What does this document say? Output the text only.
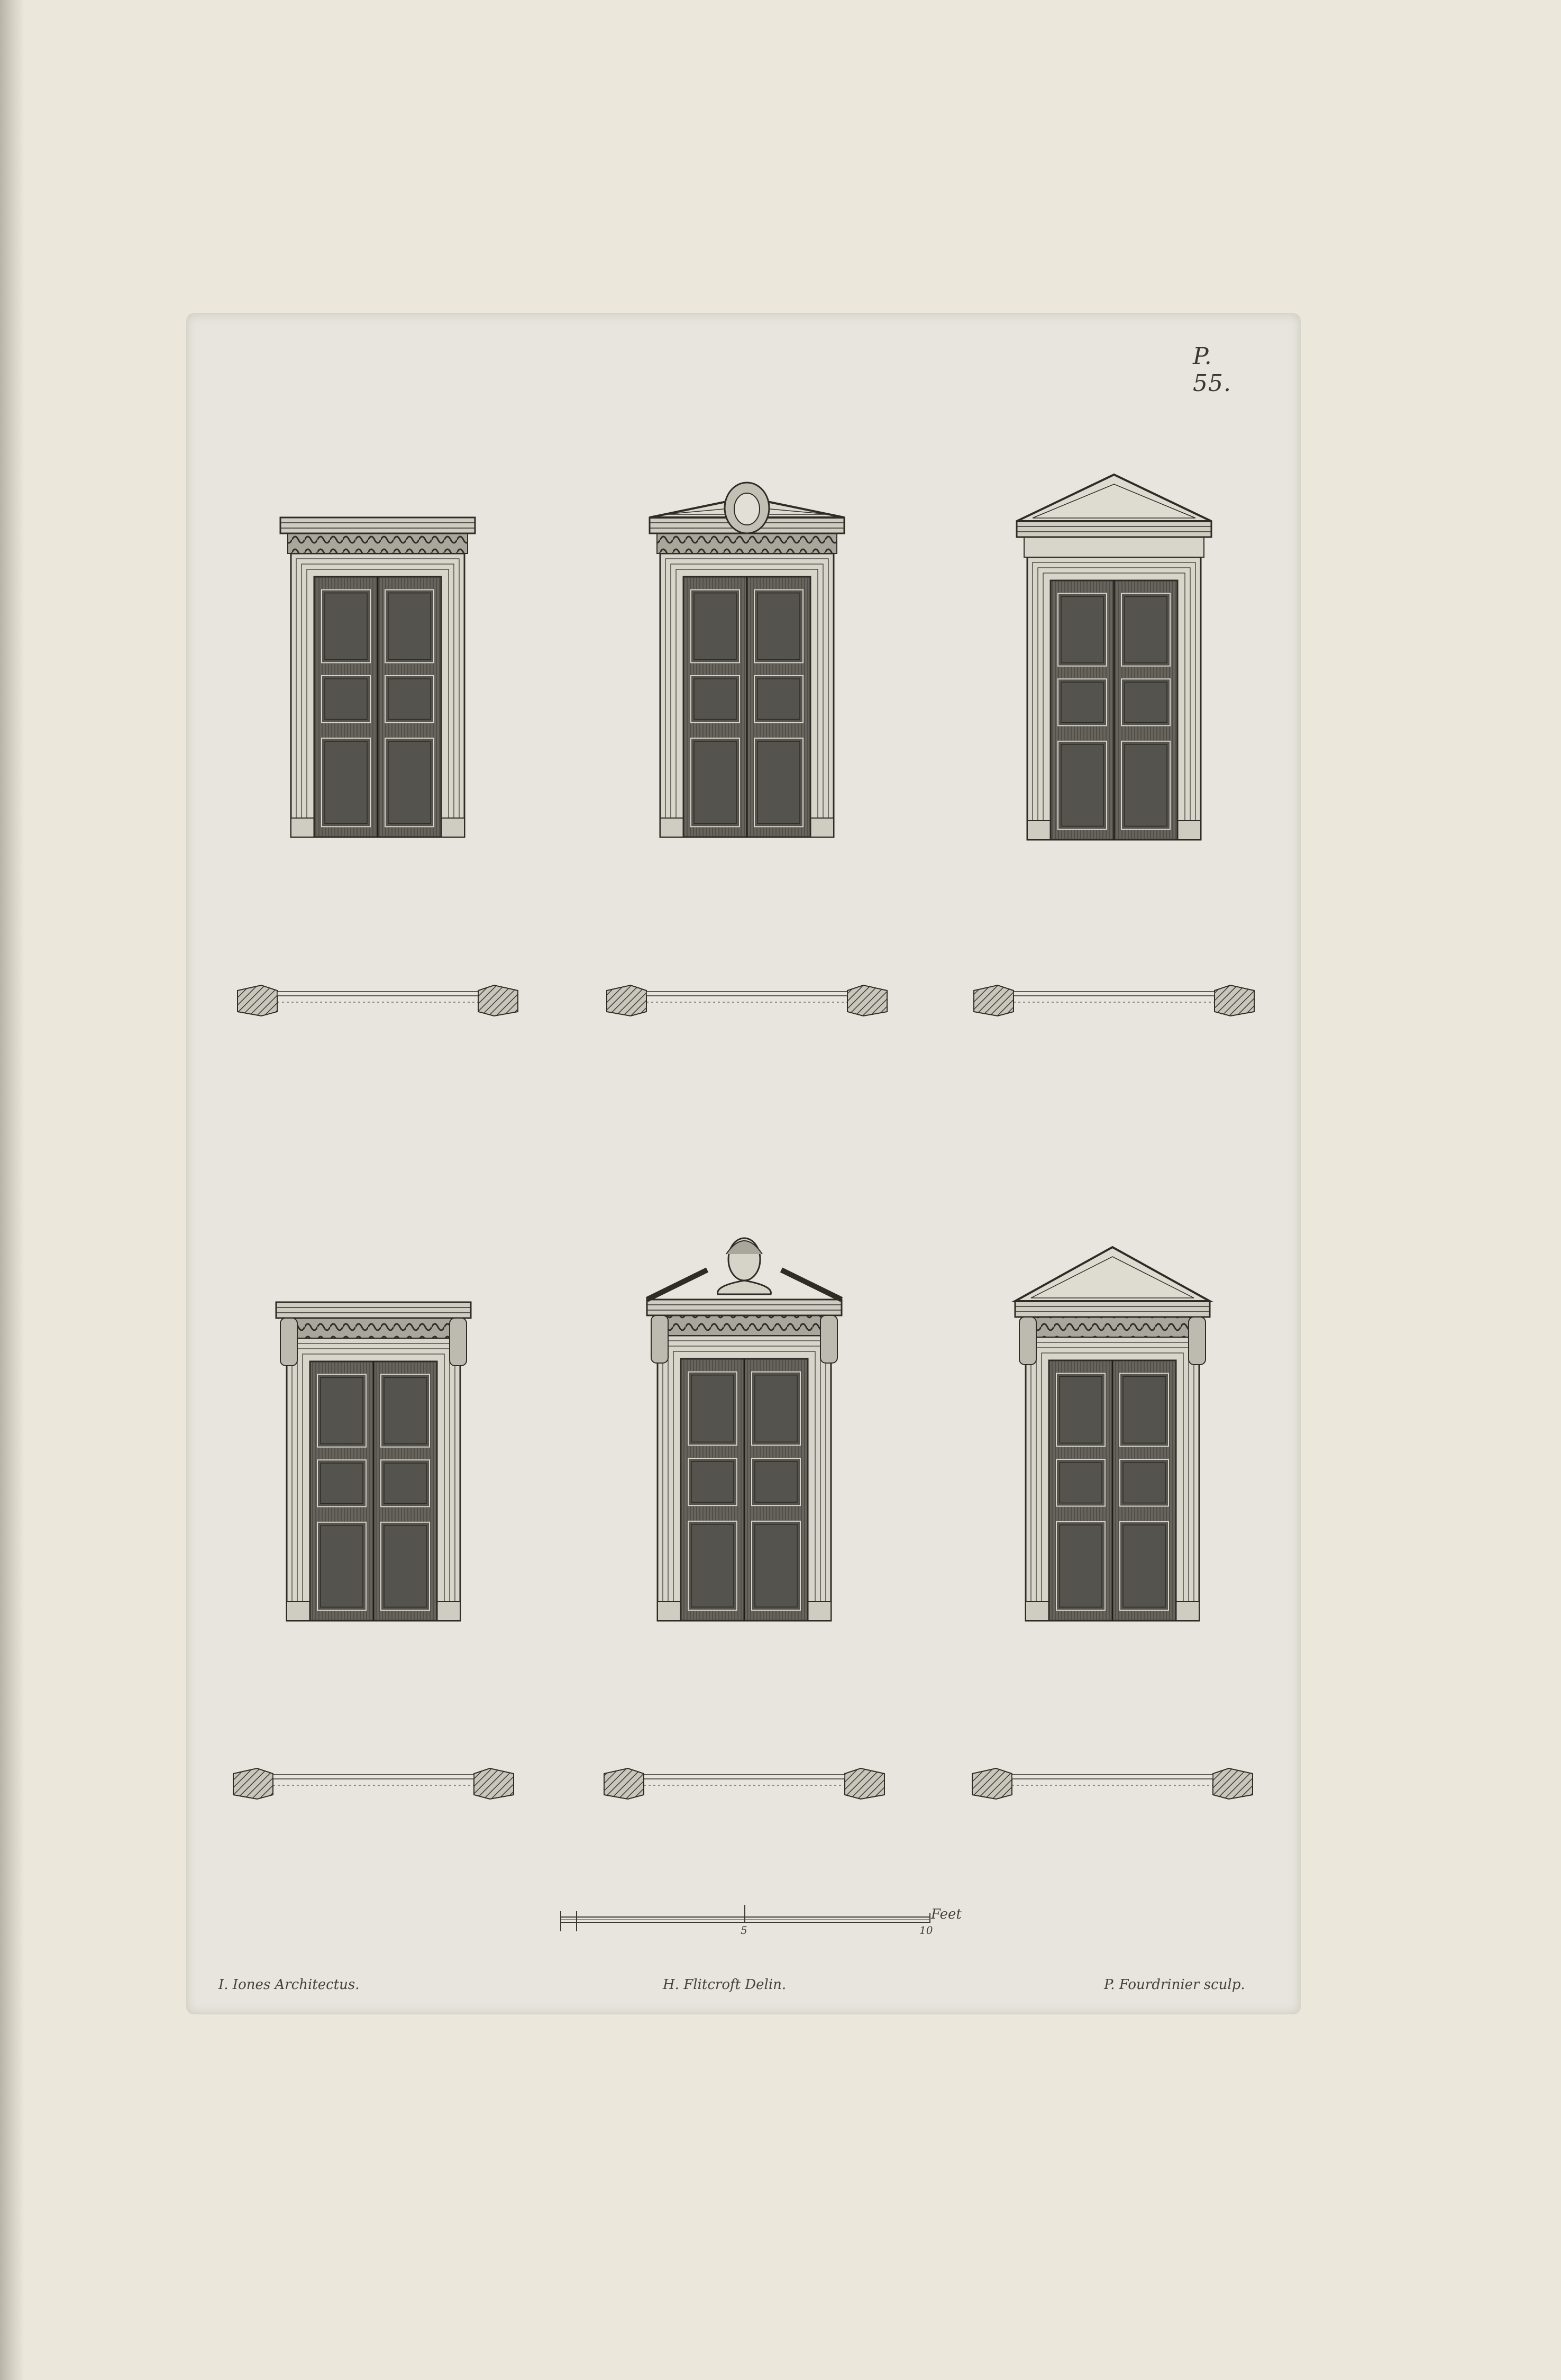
P. 55.
5	10
Feet
I. Iones Architectus.	H. Flitcroft Delin.	P. Fourdrinier sculp.
